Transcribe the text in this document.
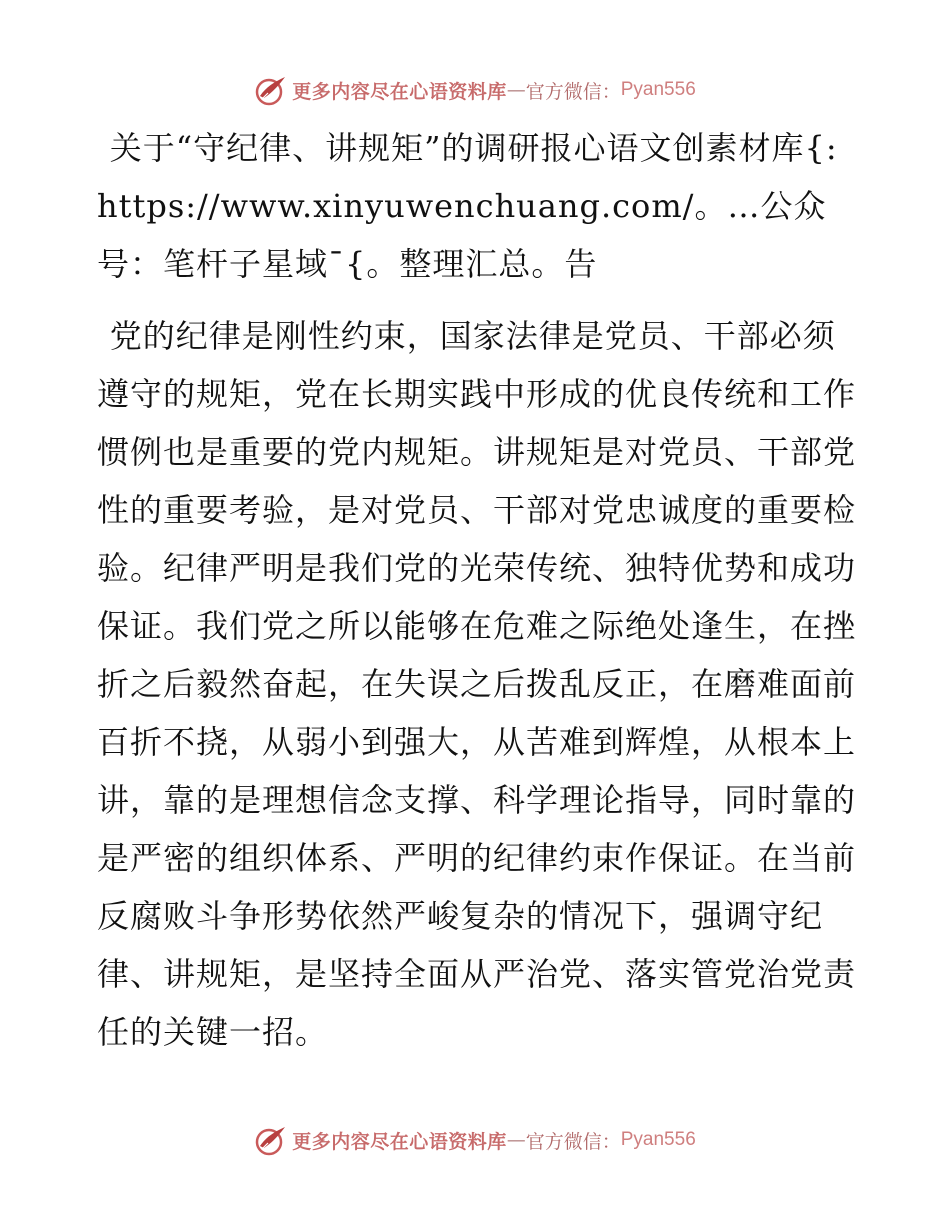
更多内容尽在心语资料库 — 官方微信： Pyan556

关于“守纪律、讲规矩”的调研报心语文创素材库{: https://www.xinyuwenchuang.com/。…公众号：笔杆子星域¯{。整理汇总。告

党的纪律是刚性约束，国家法律是党员、干部必须遵守的规矩，党在长期实践中形成的优良传统和工作惯例也是重要的党内规矩。讲规矩是对党员、干部党性的重要考验，是对党员、干部对党忠诚度的重要检验。纪律严明是我们党的光荣传统、独特优势和成功保证。我们党之所以能够在危难之际绝处逢生，在挫折之后毅然奋起，在失误之后拨乱反正，在磨难面前百折不挠，从弱小到强大，从苦难到辉煌，从根本上讲，靠的是理想信念支撑、科学理论指导，同时靠的是严密的组织体系、严明的纪律约束作保证。在当前反腐败斗争形势依然严峻复杂的情况下，强调守纪律、讲规矩，是坚持全面从严治党、落实管党治党责任的关键一招。

更多内容尽在心语资料库 — 官方微信： Pyan556
